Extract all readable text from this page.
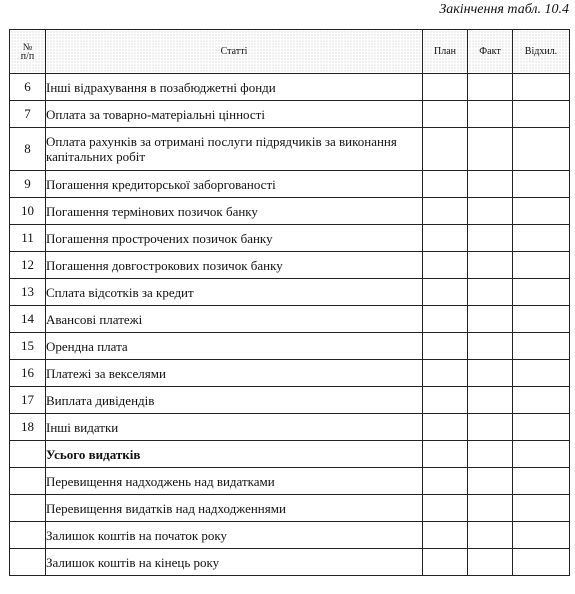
Закінчення табл. 10.4
№
п/п	Статті	План	Факт	Відхил.
6	Інші відрахування в позабюджетні фонди			
7	Оплата за товарно-матеріальні цінності			
8	Оплата рахунків за отримані послуги підрядчиків за виконання капітальних робіт			
9	Погашення кредиторської заборгованості			
10	Погашення термінових позичок банку			
11	Погашення прострочених позичок банку			
12	Погашення довгострокових позичок банку			
13	Сплата відсотків за кредит			
14	Авансові платежі			
15	Орендна плата			
16	Платежі за векселями			
17	Виплата дивідендів			
18	Інші видатки			
	Усього видатків			
	Перевищення надходжень над видатками			
	Перевищення видатків над надходженнями			
	Залишок коштів на початок року			
	Залишок коштів на кінець року			
